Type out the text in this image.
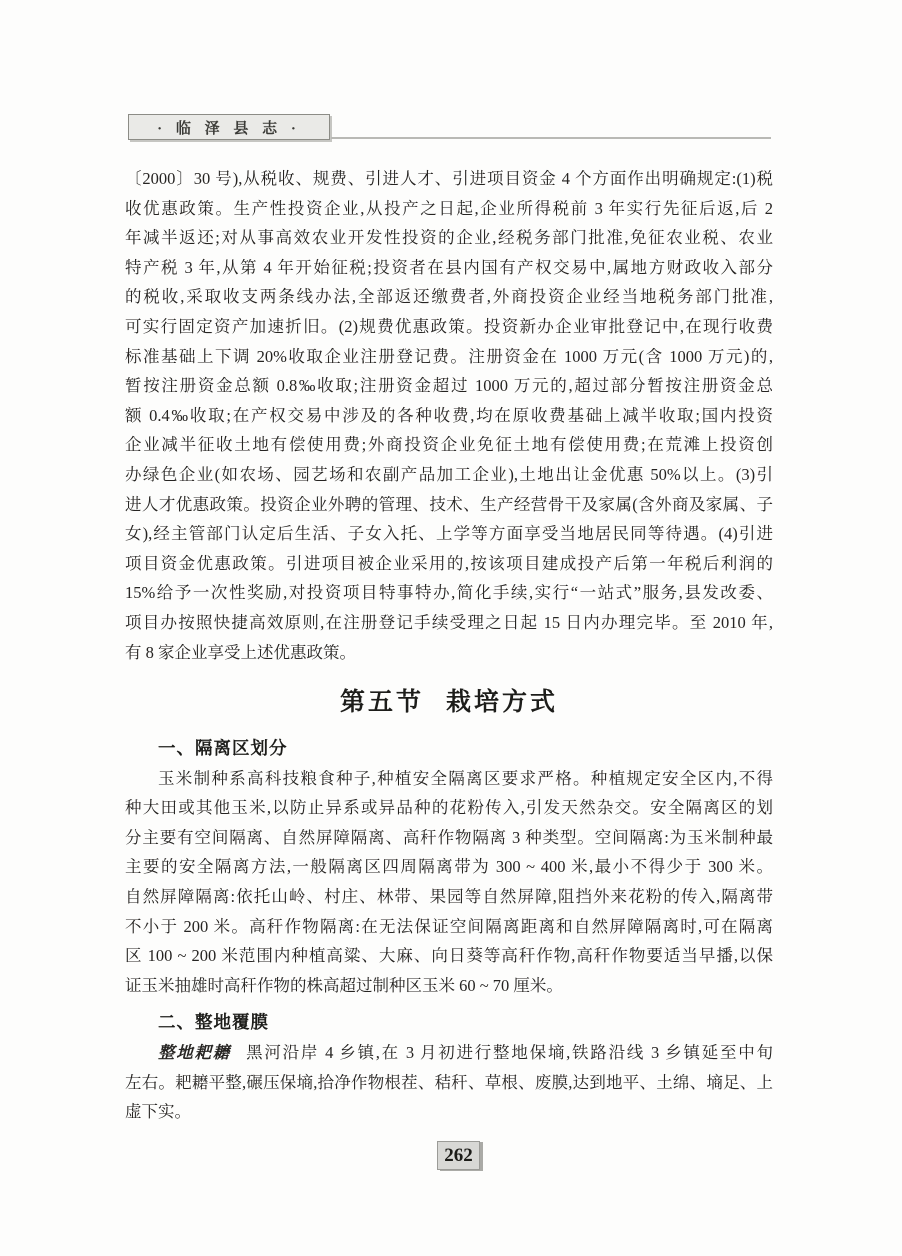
· 临 泽 县 志 ·
〔2000〕30 号),从税收、规费、引进人才、引进项目资金 4 个方面作出明确规定:(1)税
收优惠政策。生产性投资企业,从投产之日起,企业所得税前 3 年实行先征后返,后 2
年减半返还;对从事高效农业开发性投资的企业,经税务部门批准,免征农业税、农业
特产税 3 年,从第 4 年开始征税;投资者在县内国有产权交易中,属地方财政收入部分
的税收,采取收支两条线办法,全部返还缴费者,外商投资企业经当地税务部门批准,
可实行固定资产加速折旧。(2)规费优惠政策。投资新办企业审批登记中,在现行收费
标准基础上下调 20%收取企业注册登记费。注册资金在 1000 万元(含 1000 万元)的,
暂按注册资金总额 0.8‰收取;注册资金超过 1000 万元的,超过部分暂按注册资金总
额 0.4‰收取;在产权交易中涉及的各种收费,均在原收费基础上减半收取;国内投资
企业减半征收土地有偿使用费;外商投资企业免征土地有偿使用费;在荒滩上投资创
办绿色企业(如农场、园艺场和农副产品加工企业),土地出让金优惠 50%以上。(3)引
进人才优惠政策。投资企业外聘的管理、技术、生产经营骨干及家属(含外商及家属、子
女),经主管部门认定后生活、子女入托、上学等方面享受当地居民同等待遇。(4)引进
项目资金优惠政策。引进项目被企业采用的,按该项目建成投产后第一年税后利润的
15%给予一次性奖励,对投资项目特事特办,简化手续,实行“一站式”服务,县发改委、
项目办按照快捷高效原则,在注册登记手续受理之日起 15 日内办理完毕。至 2010 年,
有 8 家企业享受上述优惠政策。
第五节 栽培方式
一、隔离区划分
玉米制种系高科技粮食种子,种植安全隔离区要求严格。种植规定安全区内,不得
种大田或其他玉米,以防止异系或异品种的花粉传入,引发天然杂交。安全隔离区的划
分主要有空间隔离、自然屏障隔离、高秆作物隔离 3 种类型。空间隔离:为玉米制种最
主要的安全隔离方法,一般隔离区四周隔离带为 300 ~ 400 米,最小不得少于 300 米。
自然屏障隔离:依托山岭、村庄、林带、果园等自然屏障,阻挡外来花粉的传入,隔离带
不小于 200 米。高秆作物隔离:在无法保证空间隔离距离和自然屏障隔离时,可在隔离
区 100 ~ 200 米范围内种植高粱、大麻、向日葵等高秆作物,高秆作物要适当早播,以保
证玉米抽雄时高秆作物的株高超过制种区玉米 60 ~ 70 厘米。
二、整地覆膜
整地耙耱 黑河沿岸 4 乡镇,在 3 月初进行整地保墒,铁路沿线 3 乡镇延至中旬
左右。耙耱平整,碾压保墒,拾净作物根茬、秸秆、草根、废膜,达到地平、土绵、墒足、上
虚下实。
262
